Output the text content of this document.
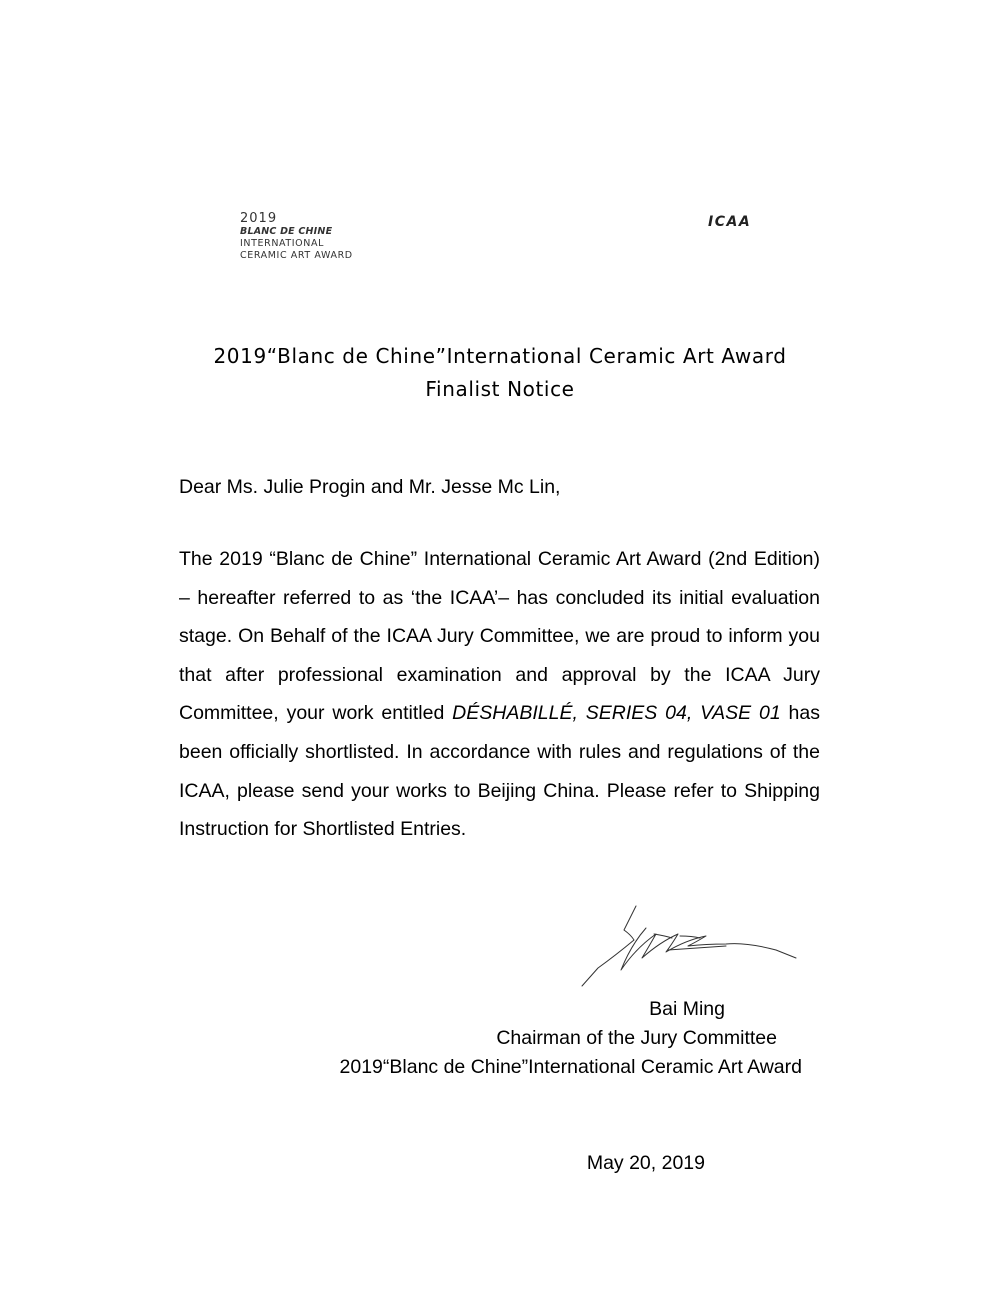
2019
BLANC DE CHINE
INTERNATIONAL
CERAMIC ART AWARD
ICAA
2019“Blanc de Chine”International Ceramic Art Award
Finalist Notice
Dear Ms. Julie Progin and Mr. Jesse Mc Lin,
The 2019 “Blanc de Chine” International Ceramic Art Award (2nd Edition) – hereafter referred to as ‘the ICAA’– has concluded its initial evaluation stage. On Behalf of the ICAA Jury Committee, we are proud to inform you that after professional examination and approval by the ICAA Jury Committee, your work entitled DÉSHABILLÉ, SERIES 04, VASE 01 has been officially shortlisted. In accordance with rules and regulations of the ICAA, please send your works to Beijing China. Please refer to Shipping Instruction for Shortlisted Entries.
Bai Ming
Chairman of the Jury Committee
2019“Blanc de Chine”International Ceramic Art Award
May 20, 2019
